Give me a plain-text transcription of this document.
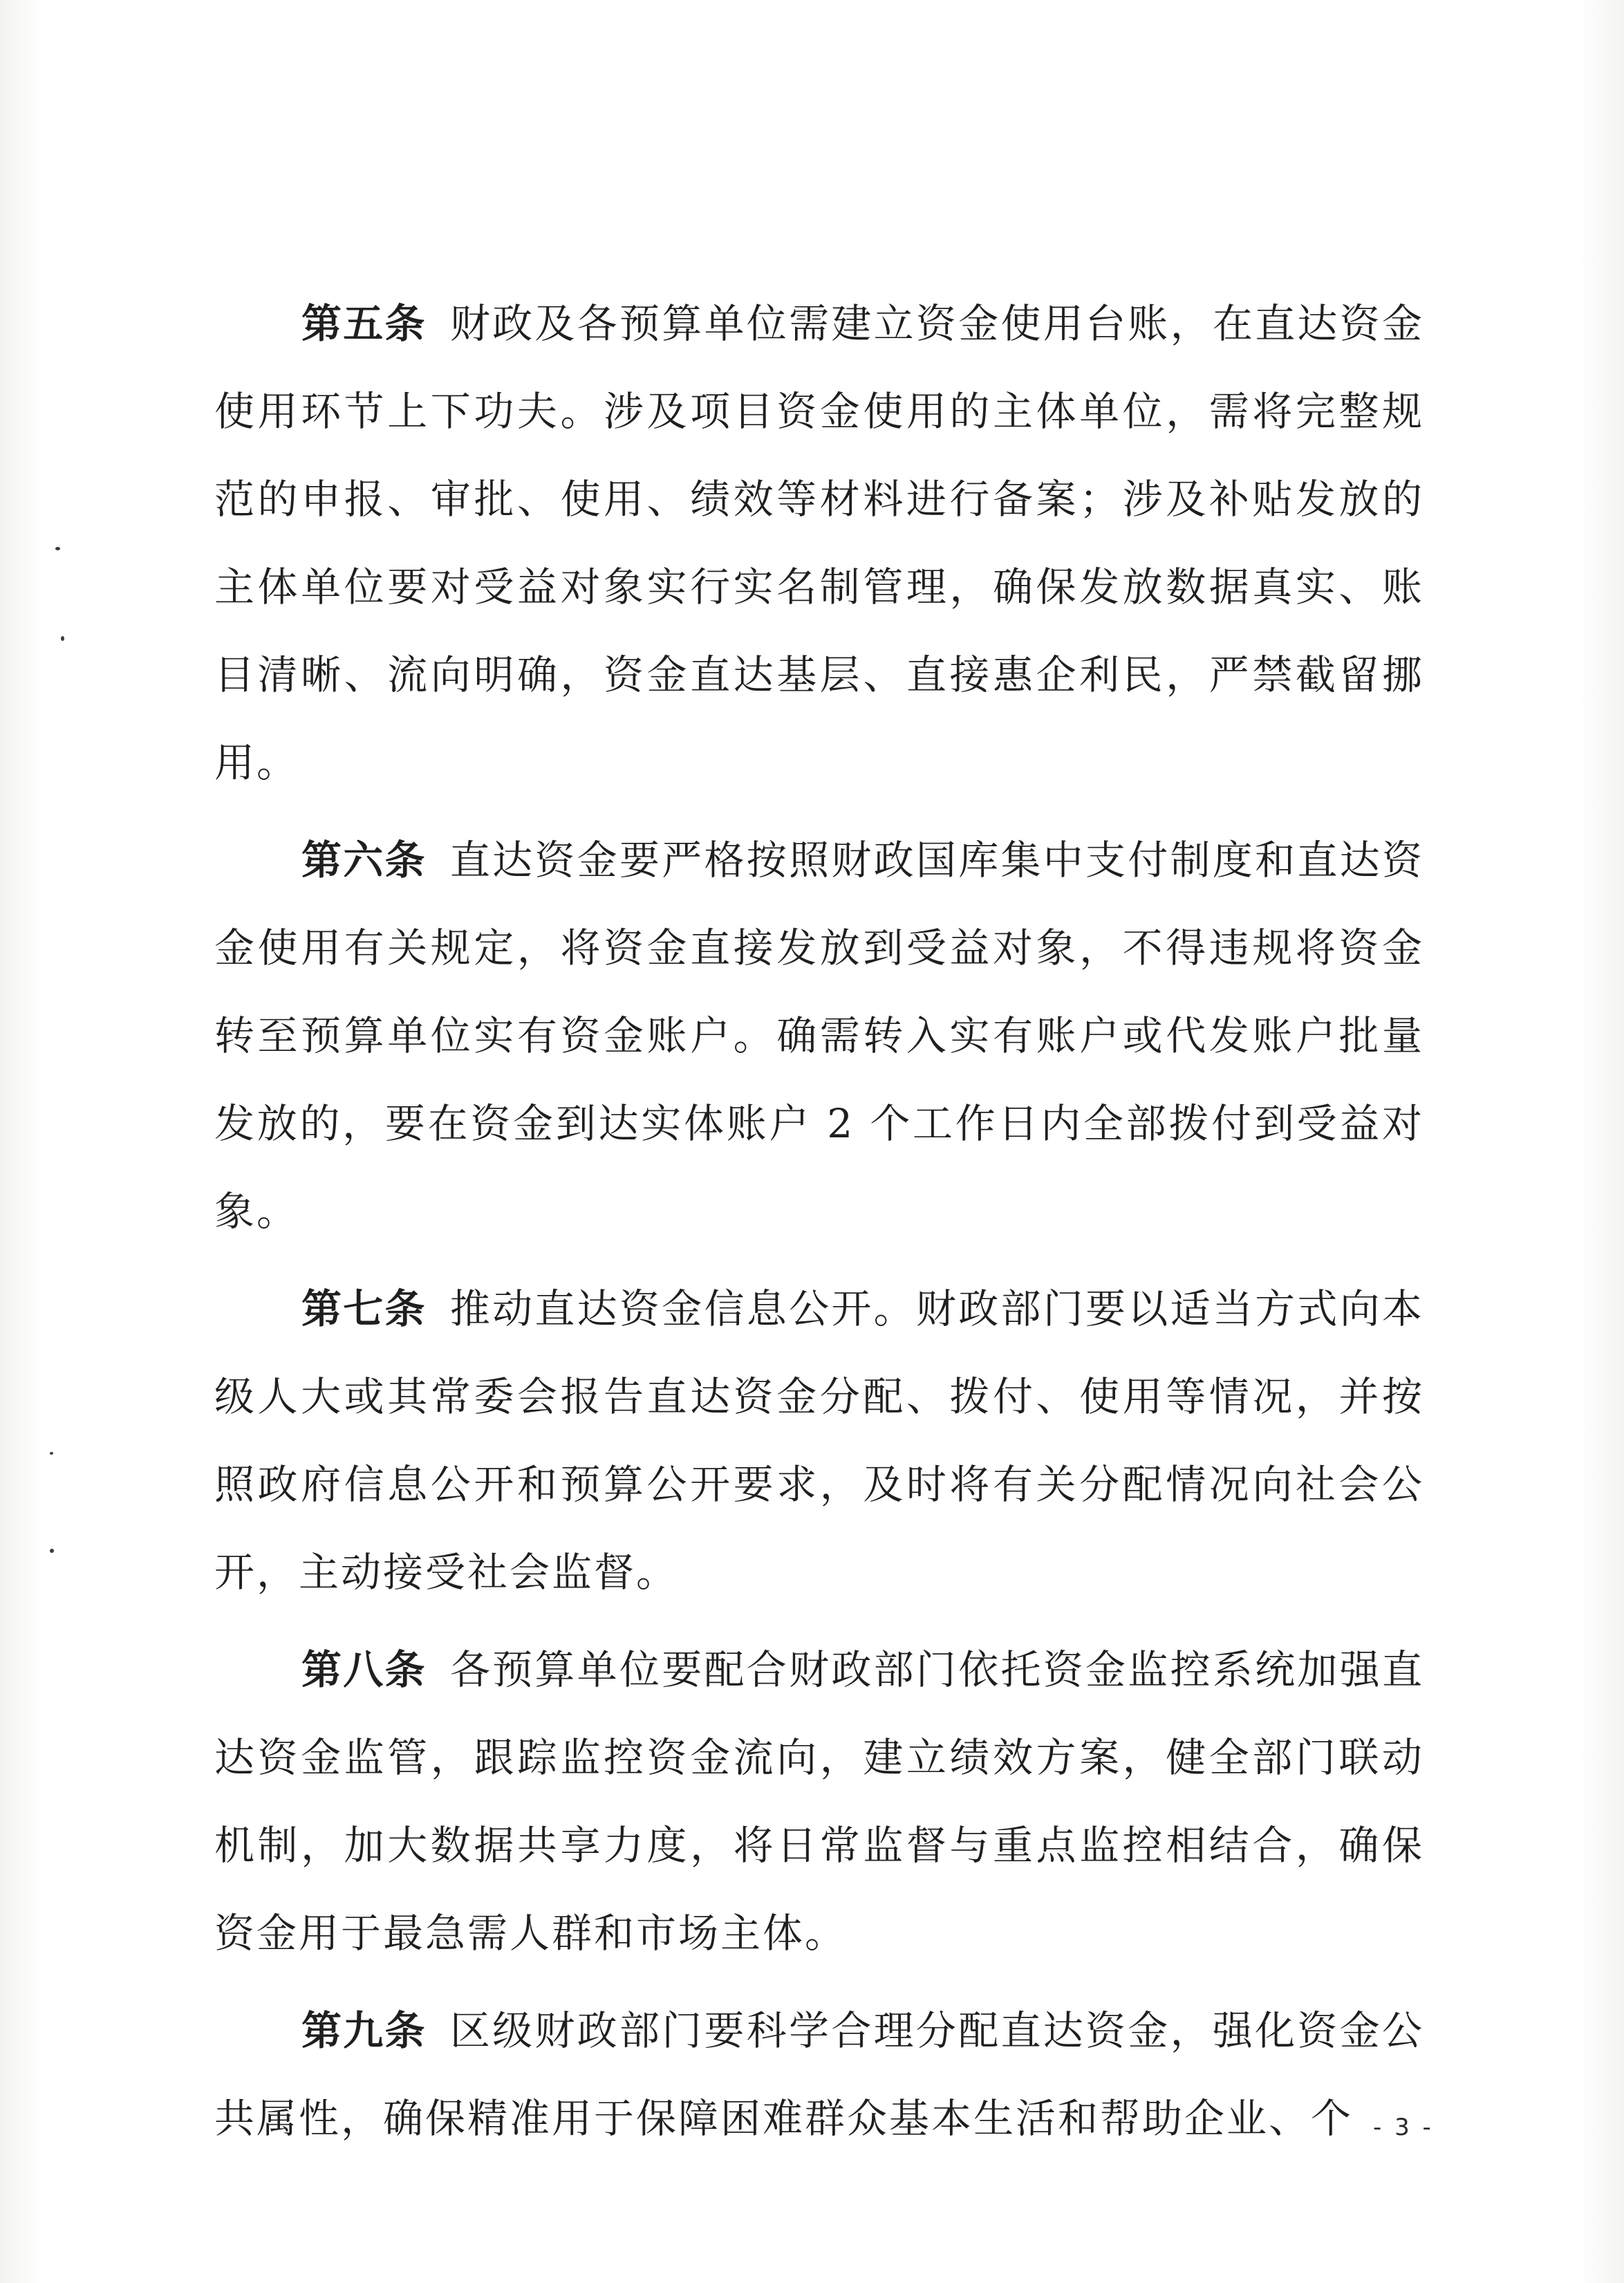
第五条 财政及各预算单位需建立资金使用台账，在直达资金使用环节上下功夫。涉及项目资金使用的主体单位，需将完整规范的申报、审批、使用、绩效等材料进行备案；涉及补贴发放的主体单位要对受益对象实行实名制管理，确保发放数据真实、账目清晰、流向明确，资金直达基层、直接惠企利民，严禁截留挪用。

第六条 直达资金要严格按照财政国库集中支付制度和直达资金使用有关规定，将资金直接发放到受益对象，不得违规将资金转至预算单位实有资金账户。确需转入实有账户或代发账户批量发放的，要在资金到达实体账户 2 个工作日内全部拨付到受益对象。

第七条 推动直达资金信息公开。财政部门要以适当方式向本级人大或其常委会报告直达资金分配、拨付、使用等情况，并按照政府信息公开和预算公开要求，及时将有关分配情况向社会公开，主动接受社会监督。

第八条 各预算单位要配合财政部门依托资金监控系统加强直达资金监管，跟踪监控资金流向，建立绩效方案，健全部门联动机制，加大数据共享力度，将日常监督与重点监控相结合，确保资金用于最急需人群和市场主体。

第九条 区级财政部门要科学合理分配直达资金，强化资金公共属性，确保精准用于保障困难群众基本生活和帮助企业、个 - 3 -
